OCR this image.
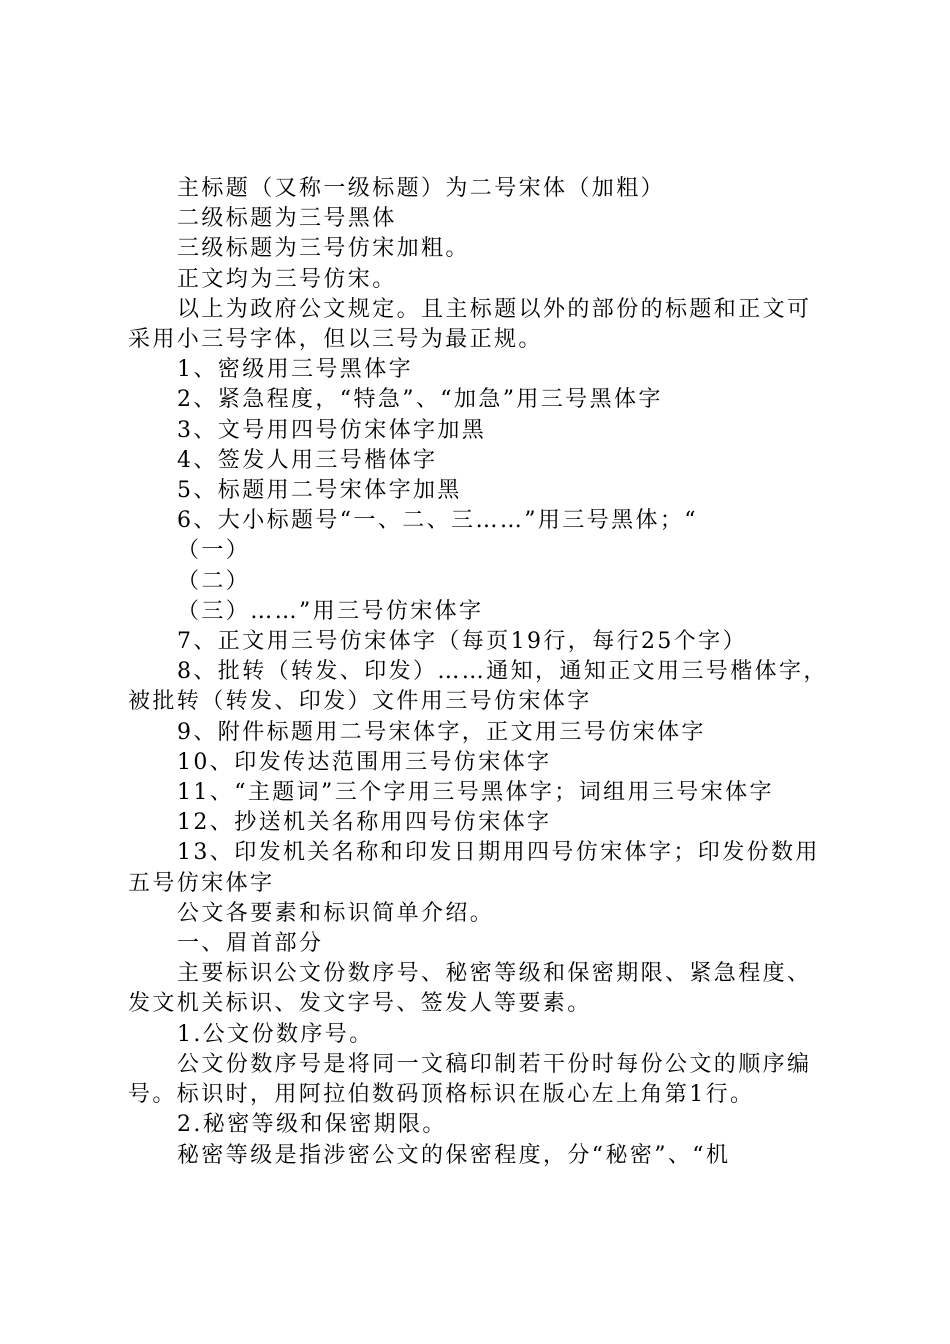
主标题（又称一级标题）为二号宋体（加粗）

二级标题为三号黑体

三级标题为三号仿宋加粗。

正文均为三号仿宋。

以上为政府公文规定。且主标题以外的部份的标题和正文可采用小三号字体，但以三号为最正规。

1、密级用三号黑体字

2、紧急程度，“特急”、“加急”用三号黑体字

3、文号用四号仿宋体字加黑

4、签发人用三号楷体字

5、标题用二号宋体字加黑

6、大小标题号“一、二、三……”用三号黑体；“

（一）

（二）

（三）……”用三号仿宋体字

7、正文用三号仿宋体字（每页19行，每行25个字）

8、批转（转发、印发）……通知，通知正文用三号楷体字，被批转（转发、印发）文件用三号仿宋体字

9、附件标题用二号宋体字，正文用三号仿宋体字

10、印发传达范围用三号仿宋体字

11、“主题词”三个字用三号黑体字；词组用三号宋体字

12、抄送机关名称用四号仿宋体字

13、印发机关名称和印发日期用四号仿宋体字；印发份数用五号仿宋体字

公文各要素和标识简单介绍。

一、眉首部分

主要标识公文份数序号、秘密等级和保密期限、紧急程度、发文机关标识、发文字号、签发人等要素。

1.公文份数序号。

公文份数序号是将同一文稿印制若干份时每份公文的顺序编号。标识时，用阿拉伯数码顶格标识在版心左上角第1行。

2.秘密等级和保密期限。

秘密等级是指涉密公文的保密程度，分“秘密”、“机
